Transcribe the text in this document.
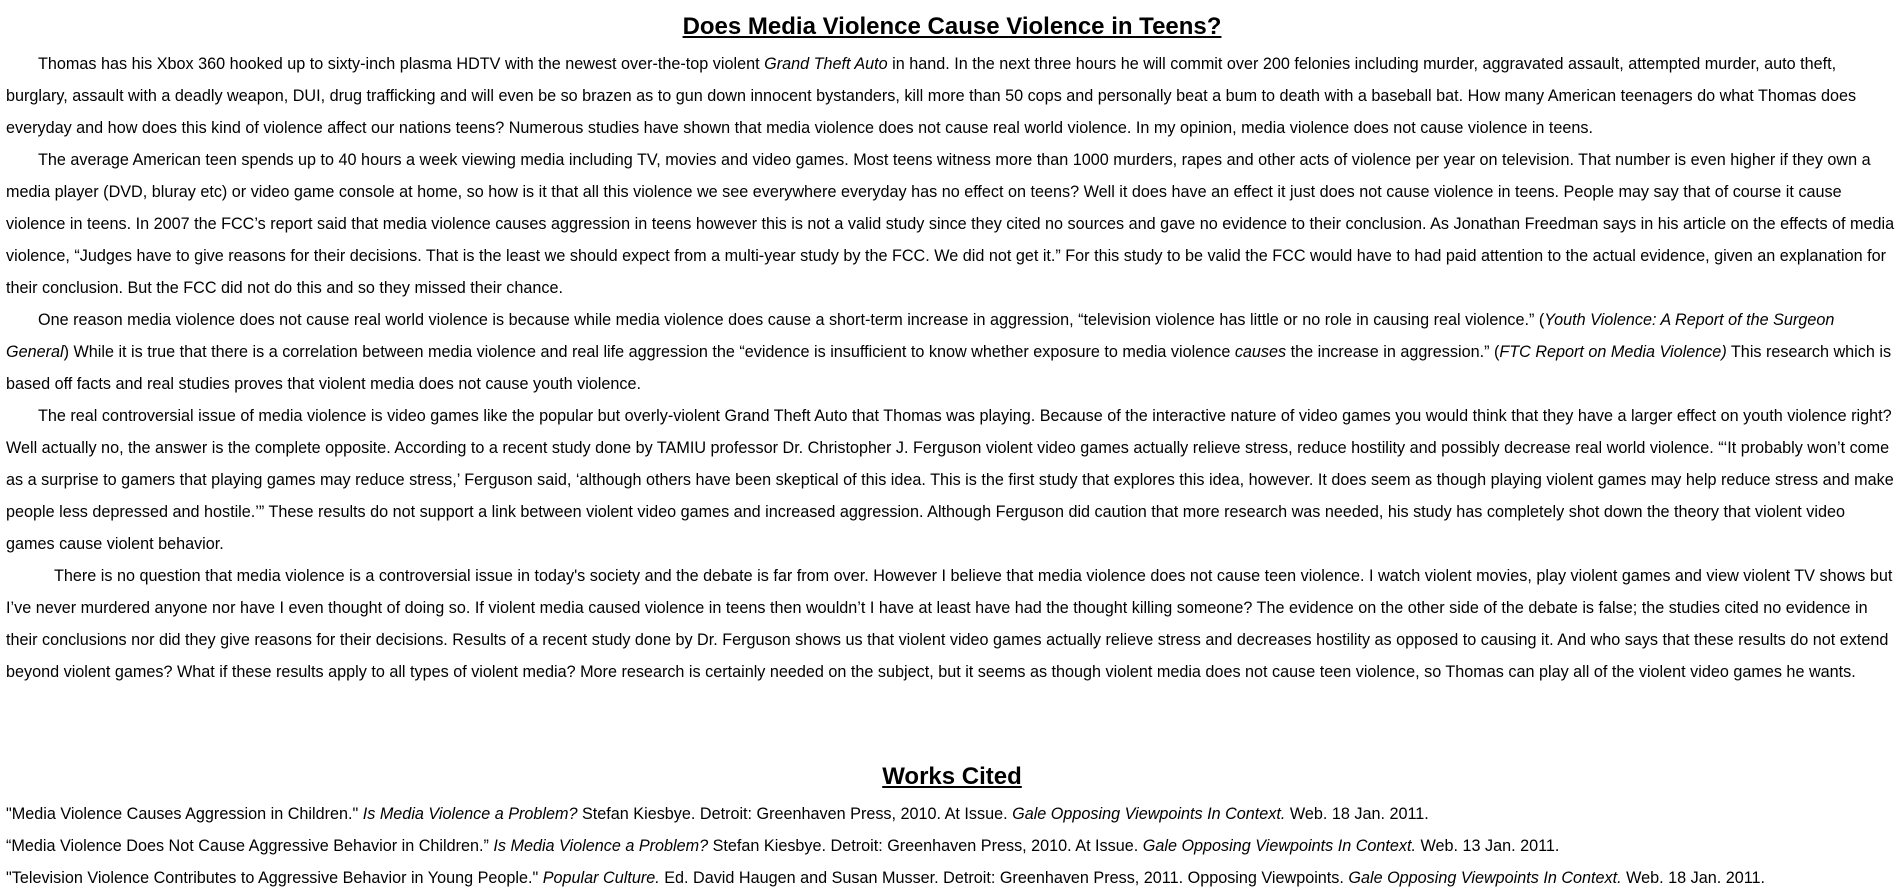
Does Media Violence Cause Violence in Teens?

Thomas has his Xbox 360 hooked up to sixty-inch plasma HDTV with the newest over-the-top violent Grand Theft Auto in hand. In the next three hours he will commit over 200 felonies including murder, aggravated assault, attempted murder, auto theft, burglary, assault with a deadly weapon, DUI, drug trafficking and will even be so brazen as to gun down innocent bystanders, kill more than 50 cops and personally beat a bum to death with a baseball bat. How many American teenagers do what Thomas does everyday and how does this kind of violence affect our nations teens? Numerous studies have shown that media violence does not cause real world violence. In my opinion, media violence does not cause violence in teens.

The average American teen spends up to 40 hours a week viewing media including TV, movies and video games. Most teens witness more than 1000 murders, rapes and other acts of violence per year on television. That number is even higher if they own a media player (DVD, bluray etc) or video game console at home, so how is it that all this violence we see everywhere everyday has no effect on teens? Well it does have an effect it just does not cause violence in teens. People may say that of course it cause violence in teens. In 2007 the FCC’s report said that media violence causes aggression in teens however this is not a valid study since they cited no sources and gave no evidence to their conclusion. As Jonathan Freedman says in his article on the effects of media violence, “Judges have to give reasons for their decisions. That is the least we should expect from a multi-year study by the FCC. We did not get it.” For this study to be valid the FCC would have to had paid attention to the actual evidence, given an explanation for their conclusion. But the FCC did not do this and so they missed their chance.

One reason media violence does not cause real world violence is because while media violence does cause a short-term increase in aggression, “television violence has little or no role in causing real violence.” (Youth Violence: A Report of the Surgeon General) While it is true that there is a correlation between media violence and real life aggression the “evidence is insufficient to know whether exposure to media violence causes the increase in aggression.” (FTC Report on Media Violence) This research which is based off facts and real studies proves that violent media does not cause youth violence.

The real controversial issue of media violence is video games like the popular but overly-violent Grand Theft Auto that Thomas was playing. Because of the interactive nature of video games you would think that they have a larger effect on youth violence right? Well actually no, the answer is the complete opposite. According to a recent study done by TAMIU professor Dr. Christopher J. Ferguson violent video games actually relieve stress, reduce hostility and possibly decrease real world violence. “‘It probably won’t come as a surprise to gamers that playing games may reduce stress,’ Ferguson said, ‘although others have been skeptical of this idea. This is the first study that explores this idea, however. It does seem as though playing violent games may help reduce stress and make people less depressed and hostile.’” These results do not support a link between violent video games and increased aggression. Although Ferguson did caution that more research was needed, his study has completely shot down the theory that violent video games cause violent behavior.

There is no question that media violence is a controversial issue in today's society and the debate is far from over. However I believe that media violence does not cause teen violence. I watch violent movies, play violent games and view violent TV shows but I’ve never murdered anyone nor have I even thought of doing so. If violent media caused violence in teens then wouldn’t I have at least have had the thought killing someone? The evidence on the other side of the debate is false; the studies cited no evidence in their conclusions nor did they give reasons for their decisions. Results of a recent study done by Dr. Ferguson shows us that violent video games actually relieve stress and decreases hostility as opposed to causing it. And who says that these results do not extend beyond violent games? What if these results apply to all types of violent media? More research is certainly needed on the subject, but it seems as though violent media does not cause teen violence, so Thomas can play all of the violent video games he wants.

Works Cited

"Media Violence Causes Aggression in Children." Is Media Violence a Problem? Stefan Kiesbye. Detroit: Greenhaven Press, 2010. At Issue. Gale Opposing Viewpoints In Context. Web. 18 Jan. 2011.

“Media Violence Does Not Cause Aggressive Behavior in Children.” Is Media Violence a Problem? Stefan Kiesbye. Detroit: Greenhaven Press, 2010. At Issue. Gale Opposing Viewpoints In Context. Web. 13 Jan. 2011.

"Television Violence Contributes to Aggressive Behavior in Young People." Popular Culture. Ed. David Haugen and Susan Musser. Detroit: Greenhaven Press, 2011. Opposing Viewpoints. Gale Opposing Viewpoints In Context. Web. 18 Jan. 2011.
